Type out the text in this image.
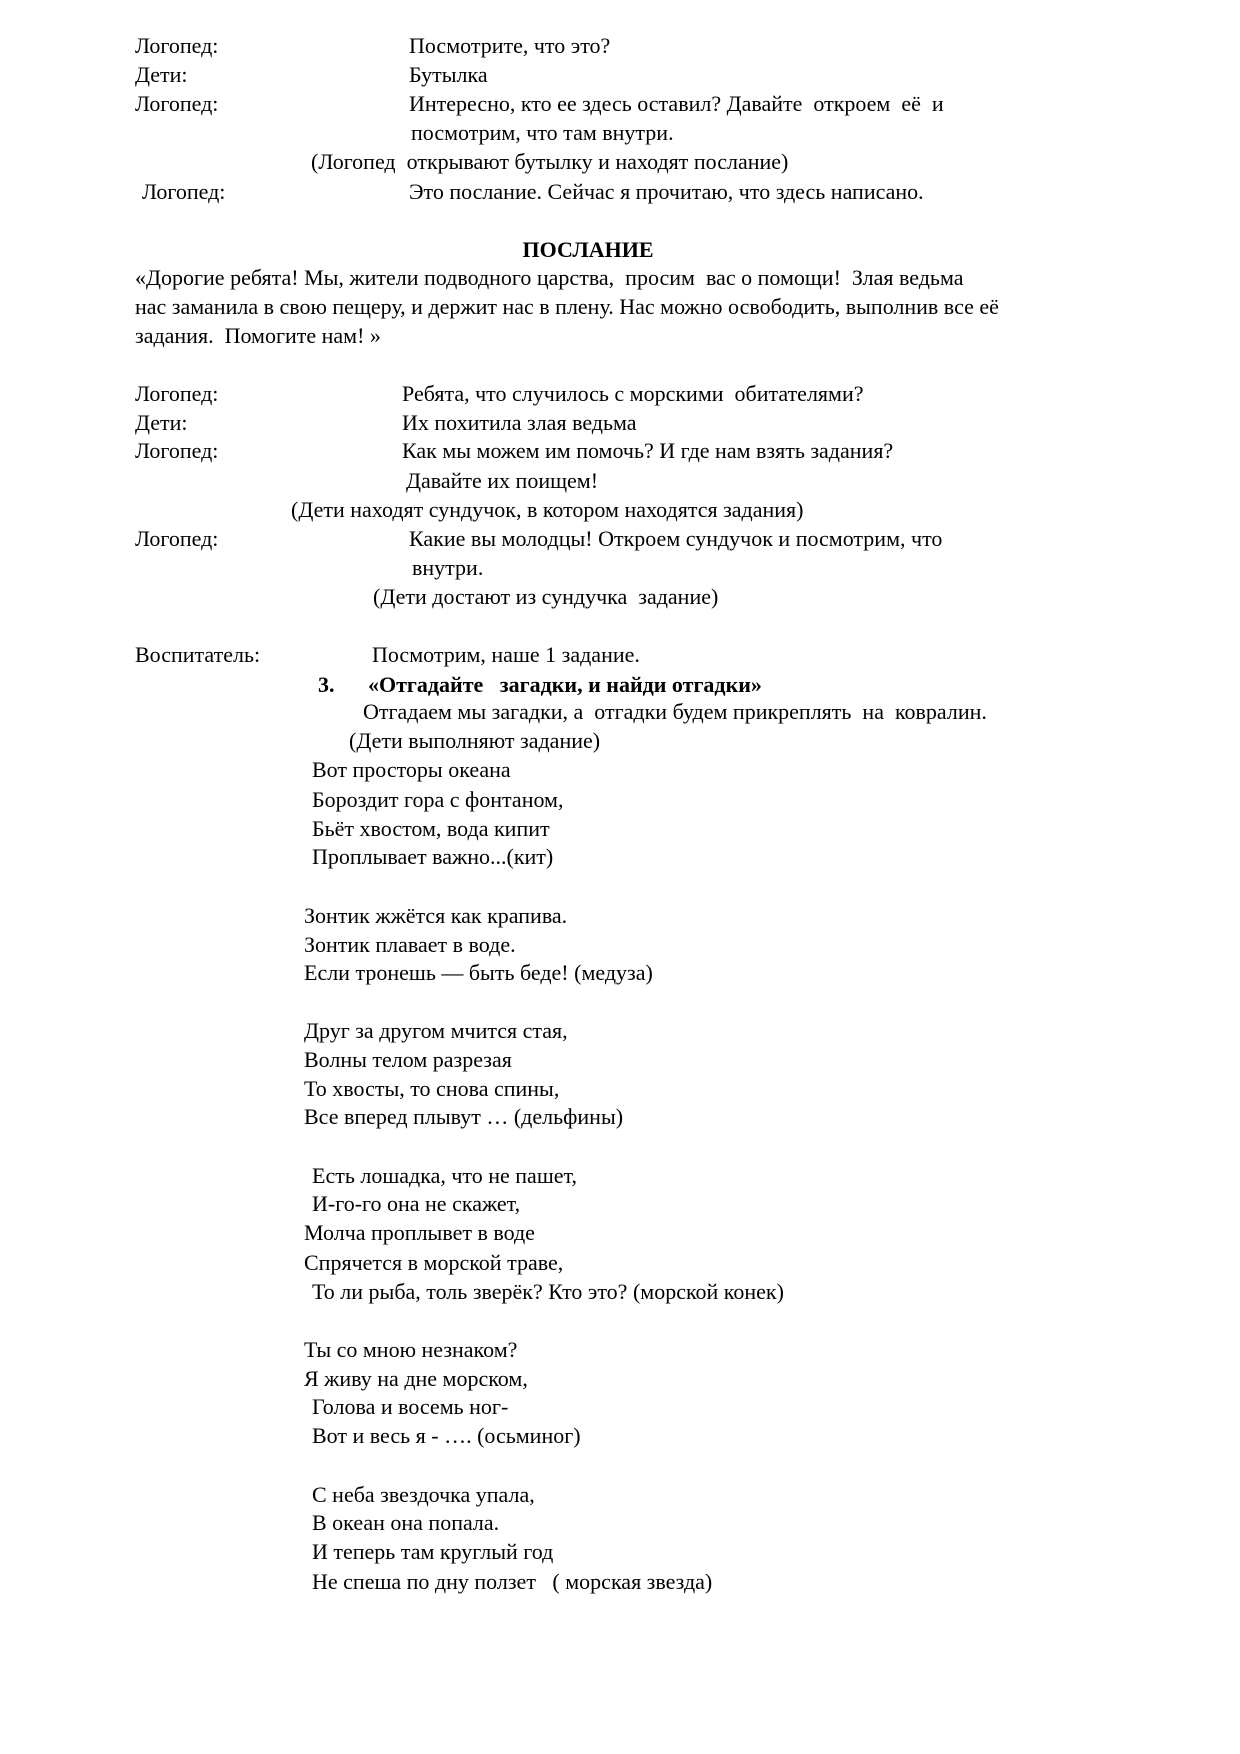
Логопед:	Посмотрите, что это?
Дети:	Бутылка
Логопед:	Интересно, кто ее здесь оставил? Давайте  откроем  её  и
посмотрим, что там внутри.
(Логопед  открывают бутылку и находят послание)
Логопед:	Это послание. Сейчас я прочитаю, что здесь написано.
ПОСЛАНИЕ
«Дорогие ребята! Мы, жители подводного царства,  просим  вас о помощи!  Злая ведьма
нас заманила в свою пещеру, и держит нас в плену. Нас можно освободить, выполнив все её
задания.  Помогите нам! »
Логопед:	Ребята, что случилось с морскими  обитателями?
Дети:	Их похитила злая ведьма
Логопед:	Как мы можем им помочь? И где нам взять задания?
Давайте их поищем!
(Дети находят сундучок, в котором находятся задания)
Логопед:	Какие вы молодцы! Откроем сундучок и посмотрим, что
внутри.
(Дети достают из сундучка  задание)
Воспитатель:	Посмотрим, наше 1 задание.
3. «Отгадайте   загадки, и найди отгадки»
Отгадаем мы загадки, а  отгадки будем прикреплять  на  ковралин.
(Дети выполняют задание)
Вот просторы океана
Бороздит гора с фонтаном,
Бьёт хвостом, вода кипит
Проплывает важно...(кит)
Зонтик жжётся как крапива.
Зонтик плавает в воде.
Если тронешь — быть беде! (медуза)
Друг за другом мчится стая,
Волны телом разрезая
То хвосты, то снова спины,
Все вперед плывут … (дельфины)
Есть лошадка, что не пашет,
И-го-го она не скажет,
Молча проплывет в воде
Спрячется в морской траве,
То ли рыба, толь зверёк? Кто это? (морской конек)
Ты со мною незнаком?
Я живу на дне морском,
Голова и восемь ног-
Вот и весь я - …. (осьминог)
С неба звездочка упала,
В океан она попала.
И теперь там круглый год
Не спеша по дну ползет   ( морская звезда)
